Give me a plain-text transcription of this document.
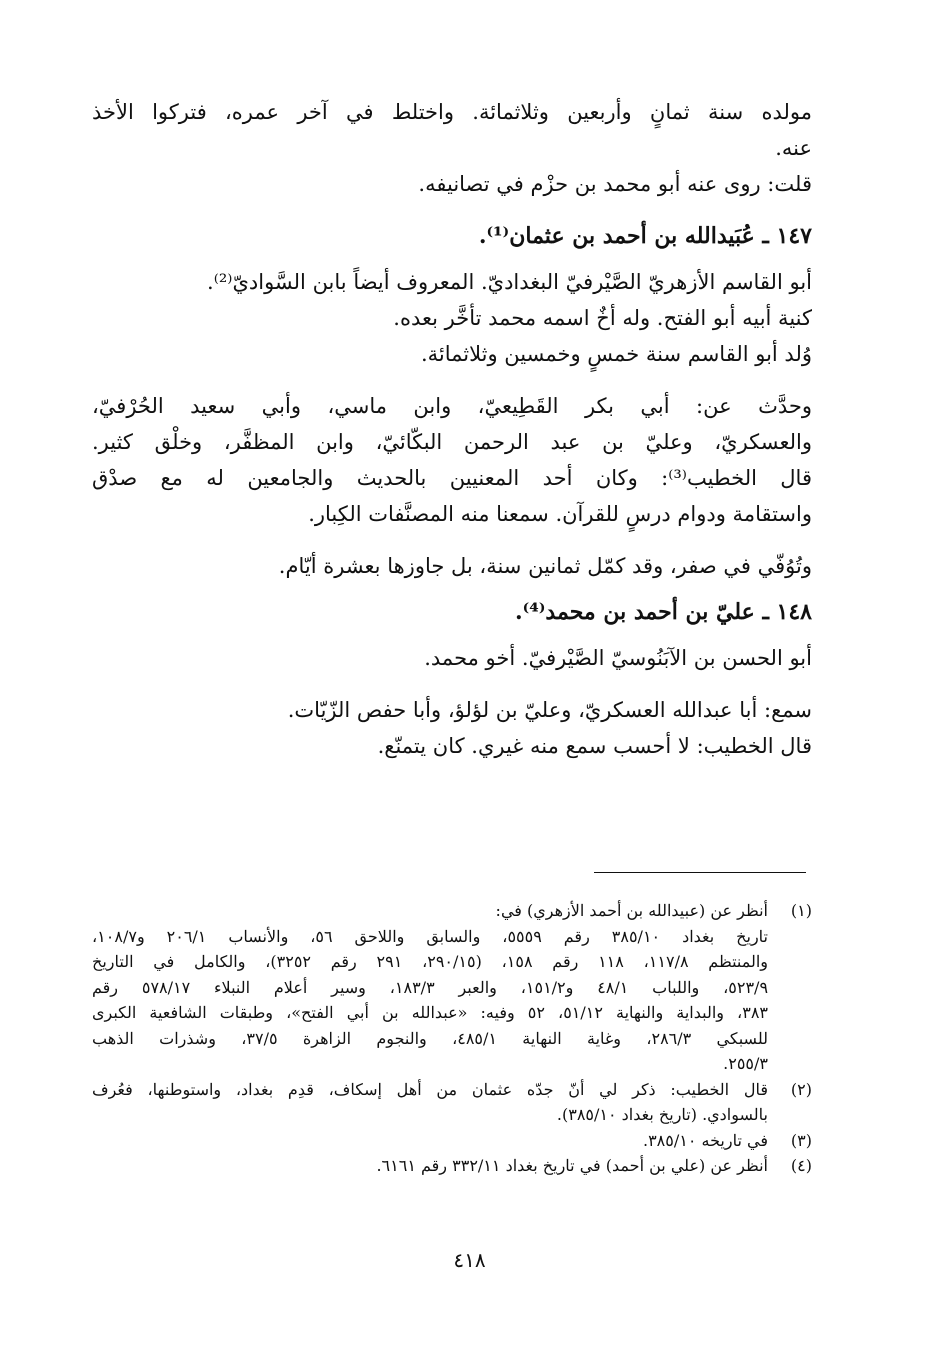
مولده سنة ثمانٍ وأربعين وثلاثمائة. واختلط في آخر عمره، فتركوا الأخذ
عنه.
قلت: روى عنه أبو محمد بن حزْم في تصانيفه.
١٤٧ ـ عُبَيدالله بن أحمد بن عثمان⁽¹⁾.
أبو القاسم الأزهريّ الصَّيْرفيّ البغداديّ. المعروف أيضاً بابن السَّواديّ⁽²⁾.
كنية أبيه أبو الفتح. وله أخٌ اسمه محمد تأخَّر بعده.
وُلد أبو القاسم سنة خمسٍ وخمسين وثلاثمائة.
وحدَّث عن: أبي بكر القَطِيعيّ، وابن ماسي، وأبي سعيد الحُرْفيّ،
والعسكريّ، وعليّ بن عبد الرحمن البكّائيّ، وابن المظفَّر، وخلْق كثير.
قال الخطيب⁽³⁾: وكان أحد المعنيين بالحديث والجامعين له مع صدْق
واستقامة ودوام درسٍ للقرآن. سمعنا منه المصنَّفات الكِبار.
وتُوُفّي في صفر، وقد كمّل ثمانين سنة، بل جاوزها بعشرة أيّام.
١٤٨ ـ عليّ بن أحمد بن محمد⁽⁴⁾.
أبو الحسن بن الآبَنُوسيّ الصَّيْرفيّ. أخو محمد.
سمع: أبا عبدالله العسكريّ، وعليّ بن لؤلؤ، وأبا حفص الزّيّات.
قال الخطيب: لا أحسب سمع منه غيري. كان يتمنّع.
(١)
أنظر عن (عبيدالله بن أحمد الأزهري) في:
تاريخ بغداد ٣٨٥/١٠ رقم ٥٥٥٩، والسابق واللاحق ٥٦، والأنساب ٢٠٦/١ و١٠٨/٧،
والمنتظم ١١٧/٨، ١١٨ رقم ١٥٨، (٢٩٠/١٥، ٢٩١ رقم ٣٢٥٢)، والكامل في التاريخ
٥٢٣/٩، واللباب ٤٨/١ و١٥١/٢، والعبر ١٨٣/٣، وسير أعلام النبلاء ٥٧٨/١٧ رقم
٣٨٣، والبداية والنهاية ٥١/١٢، ٥٢ وفيه: «عبدالله بن أبي الفتح»، وطبقات الشافعية الكبرى
للسبكي ٢٨٦/٣، وغاية النهاية ٤٨٥/١، والنجوم الزاهرة ٣٧/٥، وشذرات الذهب
٢٥٥/٣.
(٢)
قال الخطيب: ذكر لي أنّ جدّه عثمان من أهل إسكاف، قدِم بغداد، واستوطنها، فعُرف
بالسوادي. (تاريخ بغداد ٣٨٥/١٠).
(٣)
في تاريخه ٣٨٥/١٠.
(٤)
أنظر عن (علي بن أحمد) في تاريخ بغداد ٣٣٢/١١ رقم ٦١٦١.
٤١٨
